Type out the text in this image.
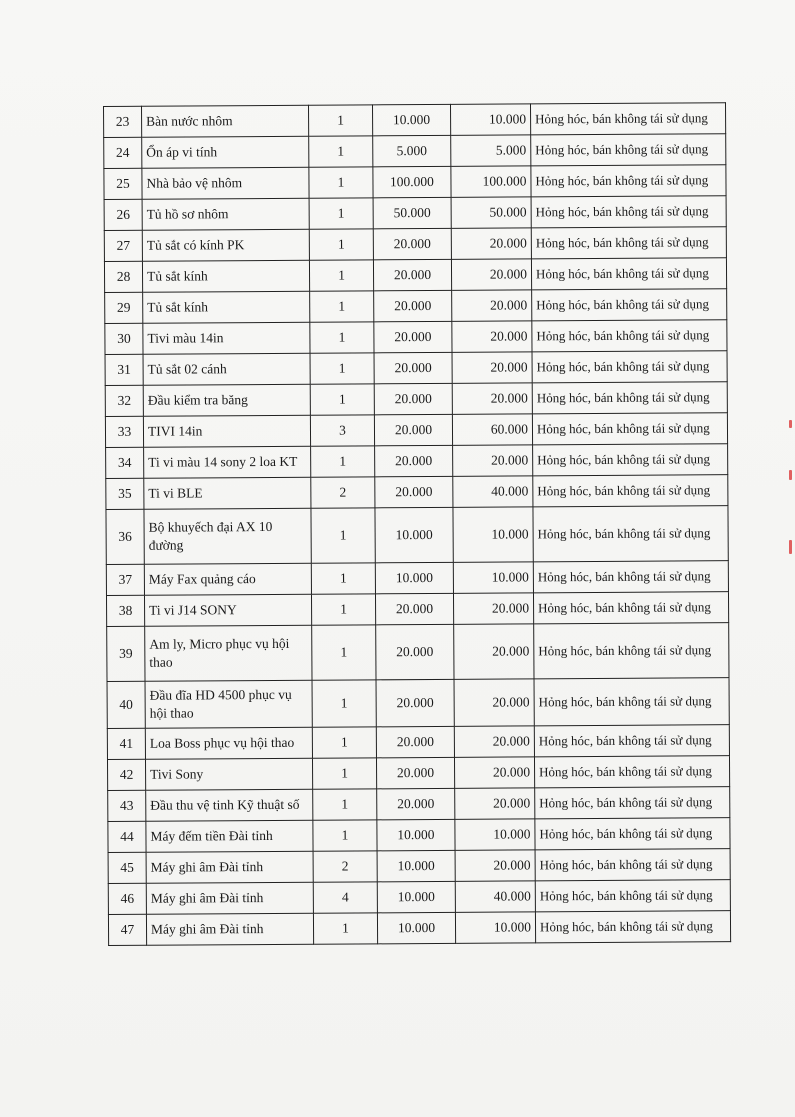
23	Bàn nước nhôm	1	10.000	10.000	Hỏng hóc, bán không tái sử dụng
24	Ổn áp vi tính	1	5.000	5.000	Hỏng hóc, bán không tái sử dụng
25	Nhà bảo vệ nhôm	1	100.000	100.000	Hỏng hóc, bán không tái sử dụng
26	Tủ hồ sơ nhôm	1	50.000	50.000	Hỏng hóc, bán không tái sử dụng
27	Tủ sắt có kính PK	1	20.000	20.000	Hỏng hóc, bán không tái sử dụng
28	Tủ sắt kính	1	20.000	20.000	Hỏng hóc, bán không tái sử dụng
29	Tủ sắt kính	1	20.000	20.000	Hỏng hóc, bán không tái sử dụng
30	Tivi màu 14in	1	20.000	20.000	Hỏng hóc, bán không tái sử dụng
31	Tủ sắt 02 cánh	1	20.000	20.000	Hỏng hóc, bán không tái sử dụng
32	Đầu kiểm tra băng	1	20.000	20.000	Hỏng hóc, bán không tái sử dụng
33	TIVI 14in	3	20.000	60.000	Hỏng hóc, bán không tái sử dụng
34	Ti vi màu 14 sony 2 loa KT	1	20.000	20.000	Hỏng hóc, bán không tái sử dụng
35	Ti vi BLE	2	20.000	40.000	Hỏng hóc, bán không tái sử dụng
36	Bộ khuyếch đại AX 10 đường	1	10.000	10.000	Hỏng hóc, bán không tái sử dụng
37	Máy Fax quảng cáo	1	10.000	10.000	Hỏng hóc, bán không tái sử dụng
38	Ti vi J14 SONY	1	20.000	20.000	Hỏng hóc, bán không tái sử dụng
39	Am ly, Micro phục vụ hội thao	1	20.000	20.000	Hỏng hóc, bán không tái sử dụng
40	Đầu đĩa HD 4500 phục vụ hội thao	1	20.000	20.000	Hỏng hóc, bán không tái sử dụng
41	Loa Boss phục vụ hội thao	1	20.000	20.000	Hỏng hóc, bán không tái sử dụng
42	Tivi Sony	1	20.000	20.000	Hỏng hóc, bán không tái sử dụng
43	Đầu thu vệ tinh Kỹ thuật số	1	20.000	20.000	Hỏng hóc, bán không tái sử dụng
44	Máy đếm tiền Đài tỉnh	1	10.000	10.000	Hỏng hóc, bán không tái sử dụng
45	Máy ghi âm Đài tỉnh	2	10.000	20.000	Hỏng hóc, bán không tái sử dụng
46	Máy ghi âm Đài tỉnh	4	10.000	40.000	Hỏng hóc, bán không tái sử dụng
47	Máy ghi âm Đài tỉnh	1	10.000	10.000	Hỏng hóc, bán không tái sử dụng
